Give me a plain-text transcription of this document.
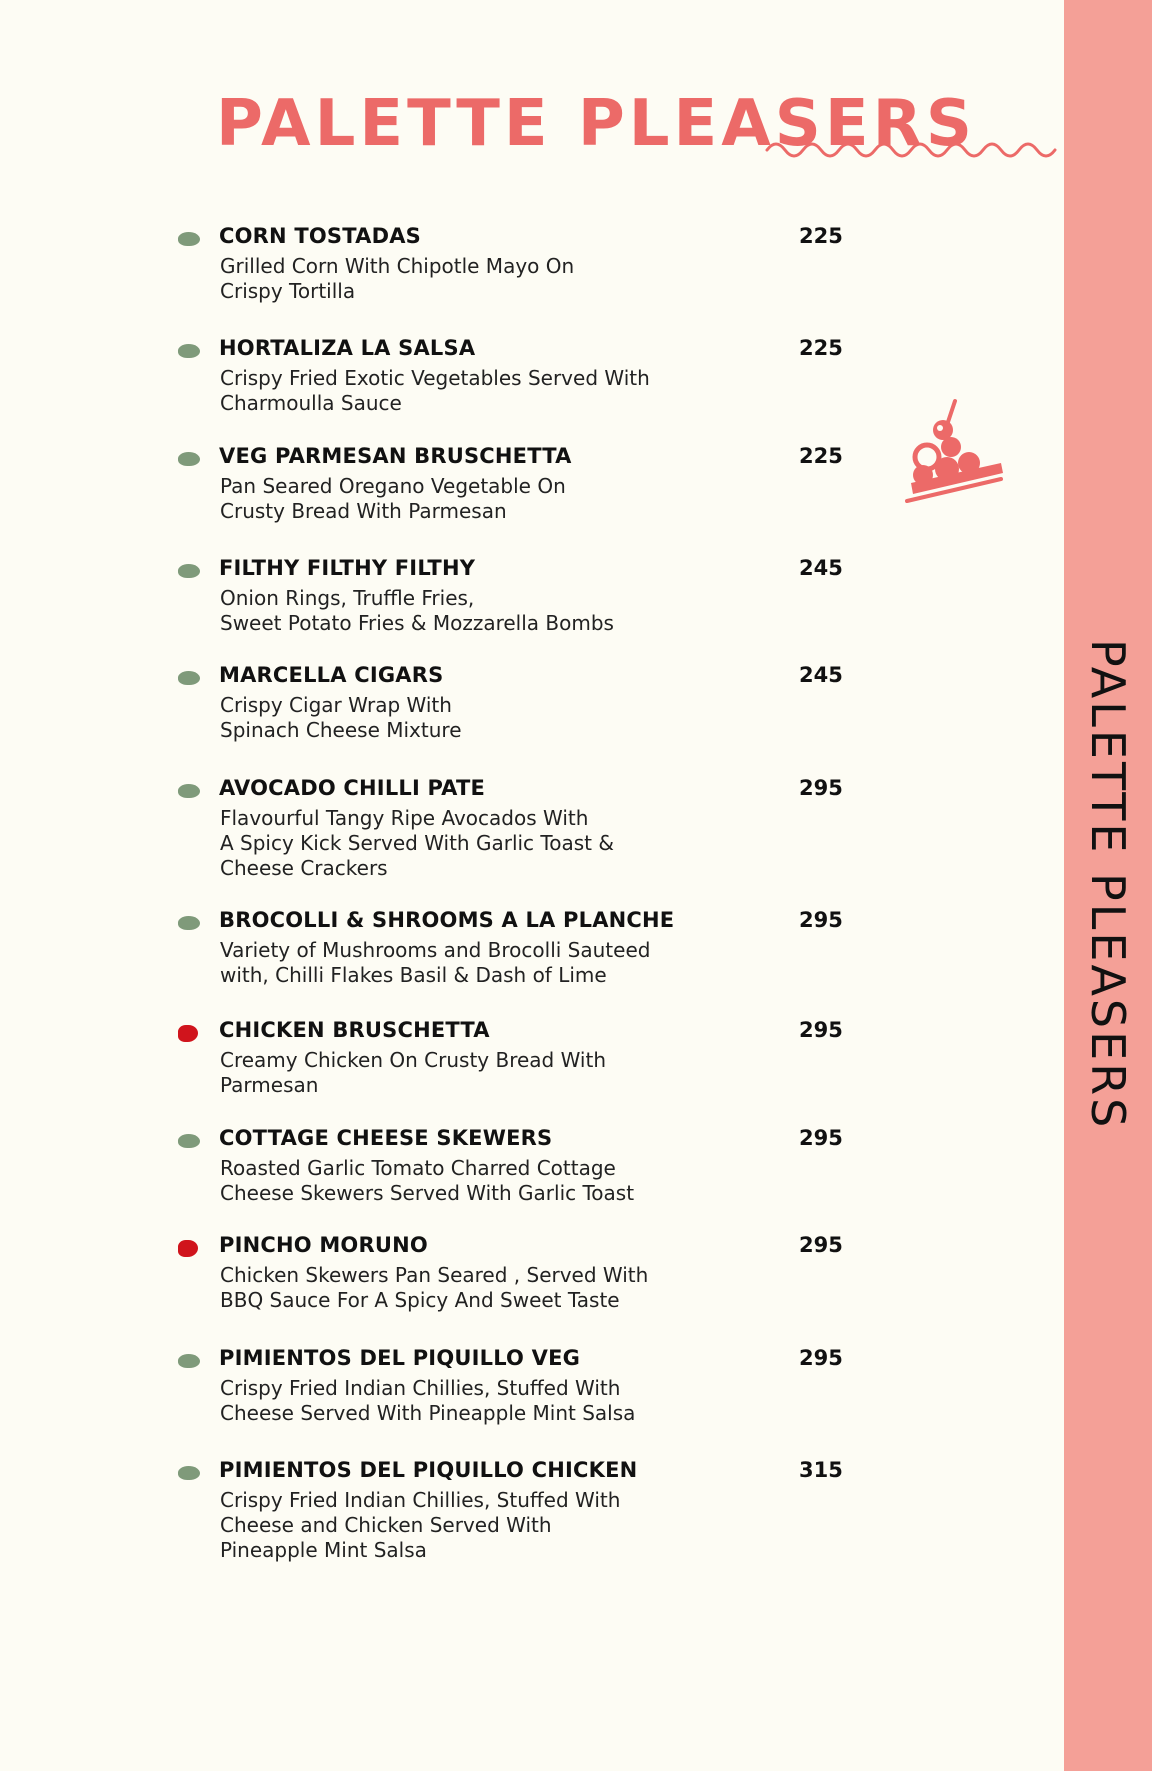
PALETTE PLEASERS
PALETTE PLEASERS
CORN TOSTADAS	225
Grilled Corn With Chipotle Mayo On
Crispy Tortilla
HORTALIZA LA SALSA	225
Crispy Fried Exotic Vegetables Served With
Charmoulla Sauce
VEG PARMESAN BRUSCHETTA	225
Pan Seared Oregano Vegetable On
Crusty Bread With Parmesan
FILTHY FILTHY FILTHY	245
Onion Rings, Truffle Fries,
Sweet Potato Fries & Mozzarella Bombs
MARCELLA CIGARS	245
Crispy Cigar Wrap With
Spinach Cheese Mixture
AVOCADO CHILLI PATE	295
Flavourful Tangy Ripe Avocados With
A Spicy Kick Served With Garlic Toast &
Cheese Crackers
BROCOLLI & SHROOMS A LA PLANCHE	295
Variety of Mushrooms and Brocolli Sauteed
with, Chilli Flakes Basil & Dash of Lime
CHICKEN BRUSCHETTA	295
Creamy Chicken On Crusty Bread With
Parmesan
COTTAGE CHEESE SKEWERS	295
Roasted Garlic Tomato Charred Cottage
Cheese Skewers Served With Garlic Toast
PINCHO MORUNO	295
Chicken Skewers Pan Seared , Served With
BBQ Sauce For A Spicy And Sweet Taste
PIMIENTOS DEL PIQUILLO VEG	295
Crispy Fried Indian Chillies, Stuffed With
Cheese Served With Pineapple Mint Salsa
PIMIENTOS DEL PIQUILLO CHICKEN	315
Crispy Fried Indian Chillies, Stuffed With
Cheese and Chicken Served With
Pineapple Mint Salsa
